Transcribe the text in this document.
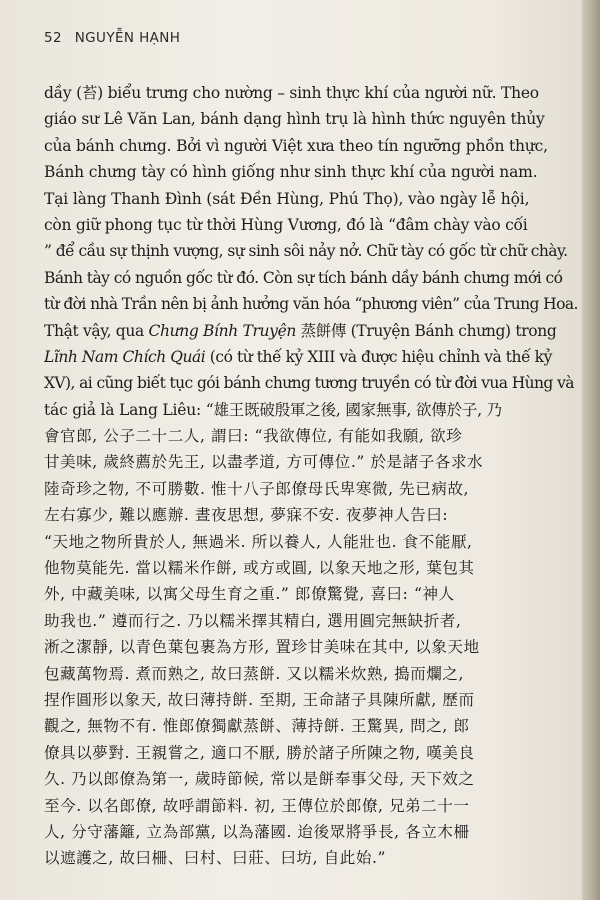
52 NGUYỄN HẠNH
dầy (苔) biểu trưng cho nường – sinh thực khí của người nữ. Theo
giáo sư Lê Văn Lan, bánh dạng hình trụ là hình thức nguyên thủy
của bánh chưng. Bởi vì người Việt xưa theo tín ngưỡng phồn thực,
Bánh chưng tày có hình giống như sinh thực khí của người nam.
Tại làng Thanh Đình (sát Đền Hùng, Phú Thọ), vào ngày lễ hội,
còn giữ phong tục từ thời Hùng Vương, đó là “đâm chày vào cối
” để cầu sự thịnh vượng, sự sinh sôi nảy nở. Chữ tày có gốc từ chữ chày.
Bánh tày có nguồn gốc từ đó. Còn sự tích bánh dầy bánh chưng mới có
từ đời nhà Trần nên bị ảnh hưởng văn hóa “phương viên” của Trung Hoa.
Thật vậy, qua Chưng Bính Truyện 蒸餅傳 (Truyện Bánh chưng) trong
Lĩnh Nam Chích Quái (có từ thế kỷ XIII và được hiệu chỉnh và thế kỷ
XV), ai cũng biết tục gói bánh chưng tương truyền có từ đời vua Hùng và
tác giả là Lang Liêu: “雄王既破殷軍之後, 國家無事, 欲傳於子, 乃
會官郎, 公子二十二人, 謂曰: “我欲傳位, 有能如我願, 欲珍
甘美味, 歲終薦於先王, 以盡孝道, 方可傳位.” 於是諸子各求水
陸奇珍之物, 不可勝數. 惟十八子郎僚母氏卑寒微, 先已病故,
左右寡少, 難以應辦. 晝夜思想, 夢寐不安. 夜夢神人告曰:
“天地之物所貴於人, 無過米. 所以養人, 人能壯也. 食不能厭,
他物莫能先. 當以糯米作餅, 或方或圓, 以象天地之形, 葉包其
外, 中藏美味, 以寓父母生育之重.” 郎僚驚覺, 喜曰: “神人
助我也.” 遵而行之. 乃以糯米擇其精白, 選用圓完無缺折者,
淅之潔靜, 以青色葉包裹為方形, 置珍甘美味在其中, 以象天地
包藏萬物焉. 煮而熟之, 故曰蒸餅. 又以糯米炊熟, 搗而爛之,
捏作圓形以象天, 故曰薄持餅. 至期, 王命諸子具陳所獻, 歷而
觀之, 無物不有. 惟郎僚獨獻蒸餅、薄持餅. 王驚異, 問之, 郎
僚具以夢對. 王親嘗之, 適口不厭, 勝於諸子所陳之物, 嘆美良
久. 乃以郎僚為第一, 歲時節候, 常以是餅奉事父母, 天下效之
至今. 以名郎僚, 故呼謂節料. 初, 王傳位於郎僚, 兄弟二十一
人, 分守藩籬, 立為部黨, 以為藩國. 迨後眾將爭長, 各立木柵
以遮護之, 故曰柵、曰村、曰莊、曰坊, 自此始.”
